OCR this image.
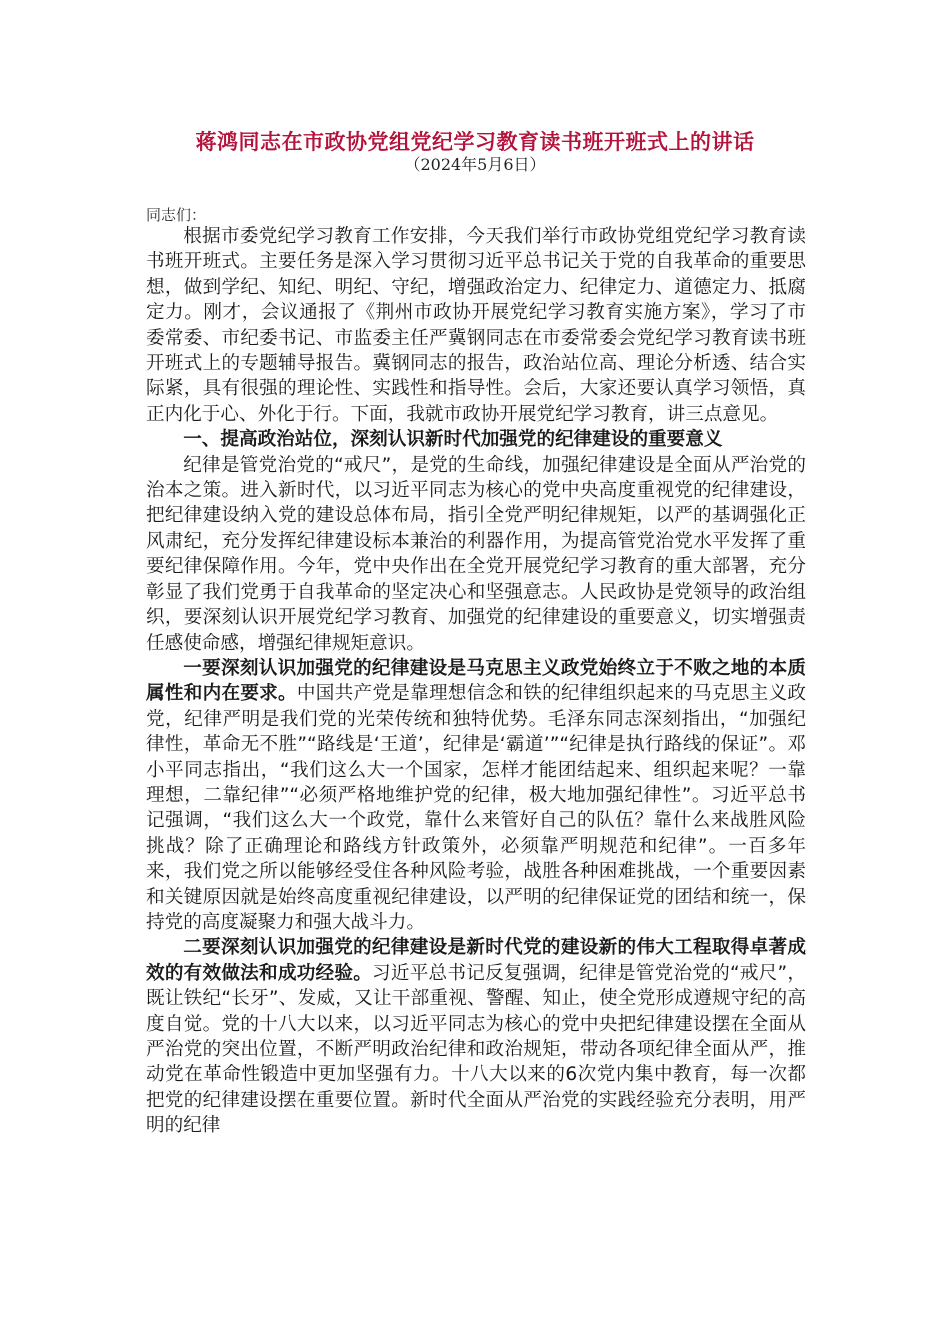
蒋鸿同志在市政协党组党纪学习教育读书班开班式上的讲话
（2024年5月6日）
同志们：

根据市委党纪学习教育工作安排，今天我们举行市政协党组党纪学习教育读书班开班式。主要任务是深入学习贯彻习近平总书记关于党的自我革命的重要思想，做到学纪、知纪、明纪、守纪，增强政治定力、纪律定力、道德定力、抵腐定力。刚才，会议通报了《荆州市政协开展党纪学习教育实施方案》，学习了市委常委、市纪委书记、市监委主任严冀钢同志在市委常委会党纪学习教育读书班开班式上的专题辅导报告。冀钢同志的报告，政治站位高、理论分析透、结合实际紧，具有很强的理论性、实践性和指导性。会后，大家还要认真学习领悟，真正内化于心、外化于行。下面，我就市政协开展党纪学习教育，讲三点意见。

一、提高政治站位，深刻认识新时代加强党的纪律建设的重要意义

纪律是管党治党的“戒尺”，是党的生命线，加强纪律建设是全面从严治党的治本之策。进入新时代，以习近平同志为核心的党中央高度重视党的纪律建设，把纪律建设纳入党的建设总体布局，指引全党严明纪律规矩，以严的基调强化正风肃纪，充分发挥纪律建设标本兼治的利器作用，为提高管党治党水平发挥了重要纪律保障作用。今年，党中央作出在全党开展党纪学习教育的重大部署，充分彰显了我们党勇于自我革命的坚定决心和坚强意志。人民政协是党领导的政治组织，要深刻认识开展党纪学习教育、加强党的纪律建设的重要意义，切实增强责任感使命感，增强纪律规矩意识。

一要深刻认识加强党的纪律建设是马克思主义政党始终立于不败之地的本质属性和内在要求。中国共产党是靠理想信念和铁的纪律组织起来的马克思主义政党，纪律严明是我们党的光荣传统和独特优势。毛泽东同志深刻指出，“加强纪律性，革命无不胜”“路线是‘王道’，纪律是‘霸道’”“纪律是执行路线的保证”。邓小平同志指出，“我们这么大一个国家，怎样才能团结起来、组织起来呢？一靠理想，二靠纪律”“必须严格地维护党的纪律，极大地加强纪律性”。习近平总书记强调，“我们这么大一个政党，靠什么来管好自己的队伍？靠什么来战胜风险挑战？除了正确理论和路线方针政策外，必须靠严明规范和纪律”。一百多年来，我们党之所以能够经受住各种风险考验，战胜各种困难挑战，一个重要因素和关键原因就是始终高度重视纪律建设，以严明的纪律保证党的团结和统一，保持党的高度凝聚力和强大战斗力。

二要深刻认识加强党的纪律建设是新时代党的建设新的伟大工程取得卓著成效的有效做法和成功经验。习近平总书记反复强调，纪律是管党治党的“戒尺”，既让铁纪“长牙”、发威，又让干部重视、警醒、知止，使全党形成遵规守纪的高度自觉。党的十八大以来，以习近平同志为核心的党中央把纪律建设摆在全面从严治党的突出位置，不断严明政治纪律和政治规矩，带动各项纪律全面从严，推动党在革命性锻造中更加坚强有力。十八大以来的6次党内集中教育，每一次都把党的纪律建设摆在重要位置。新时代全面从严治党的实践经验充分表明，用严明的纪律
